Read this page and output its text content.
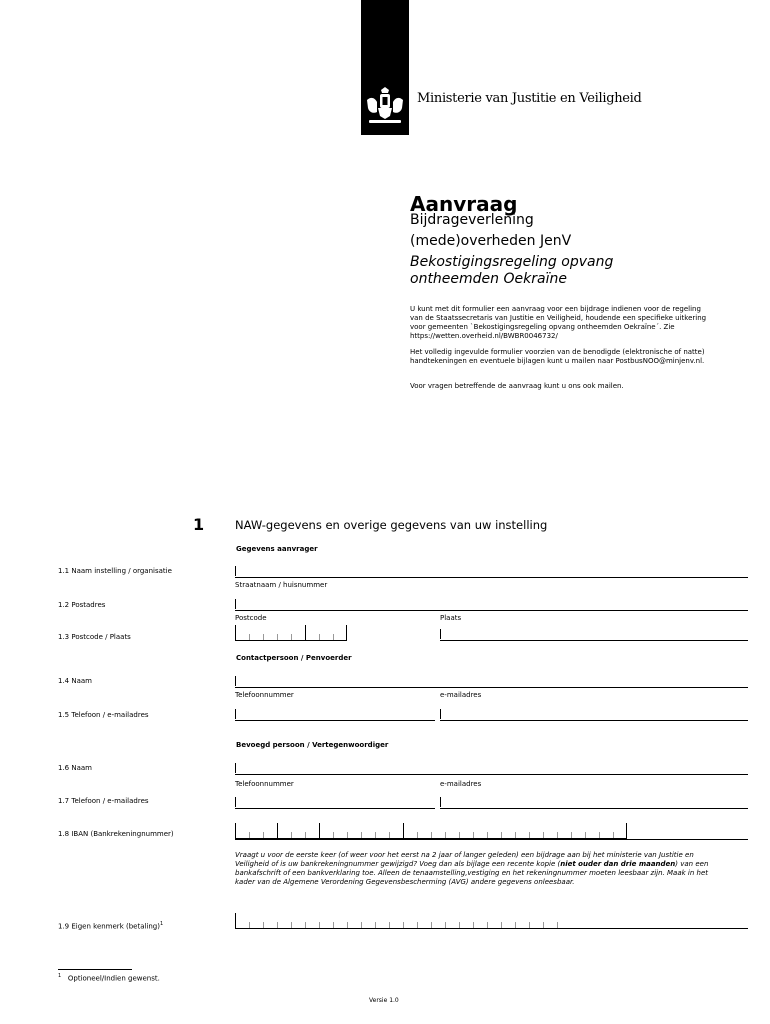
Ministerie van Justitie en Veiligheid
Aanvraag
Bijdrageverlening
(mede)overheden JenV
Bekostigingsregeling opvang
ontheemden Oekraïne
U kunt met dit formulier een aanvraag voor een bijdrage indienen voor de regeling van de Staatssecretaris van Justitie en Veiligheid, houdende een specifieke uitkering voor gemeenten `Bekostigingsregeling opvang ontheemden Oekraïne´. Zie https://wetten.overheid.nl/BWBR0046732/
Het volledig ingevulde formulier voorzien van de benodigde (elektronische of natte) handtekeningen en eventuele bijlagen kunt u mailen naar PostbusNOO@minjenv.nl.
Voor vragen betreffende de aanvraag kunt u ons ook mailen.
1	NAW-gegevens en overige gegevens van uw instelling
Gegevens aanvrager
1.1 Naam instelling / organisatie
Straatnaam / huisnummer
1.2 Postadres
Postcode	Plaats
1.3 Postcode / Plaats
Contactpersoon / Penvoerder
1.4 Naam
Telefoonnummer	e-mailadres
1.5 Telefoon / e-mailadres
Bevoegd persoon / Vertegenwoordiger
1.6 Naam
Telefoonnummer	e-mailadres
1.7 Telefoon / e-mailadres
1.8 IBAN (Bankrekeningnummer)
Vraagt u voor de eerste keer (of weer voor het eerst na 2 jaar of langer geleden) een bijdrage aan bij het ministerie van Justitie en Veiligheid of is uw bankrekeningnummer gewijzigd? Voeg dan als bijlage een recente kopie (niet ouder dan drie maanden) van een bankafschrift of een bankverklaring toe. Alleen de tenaamstelling,vestiging en het rekeningnummer moeten leesbaar zijn. Maak in het kader van de Algemene Verordening Gegevensbescherming (AVG) andere gegevens onleesbaar.
1.9 Eigen kenmerk (betaling)$^1$
$^1$ Optioneel/Indien gewenst.
Versie 1.0
